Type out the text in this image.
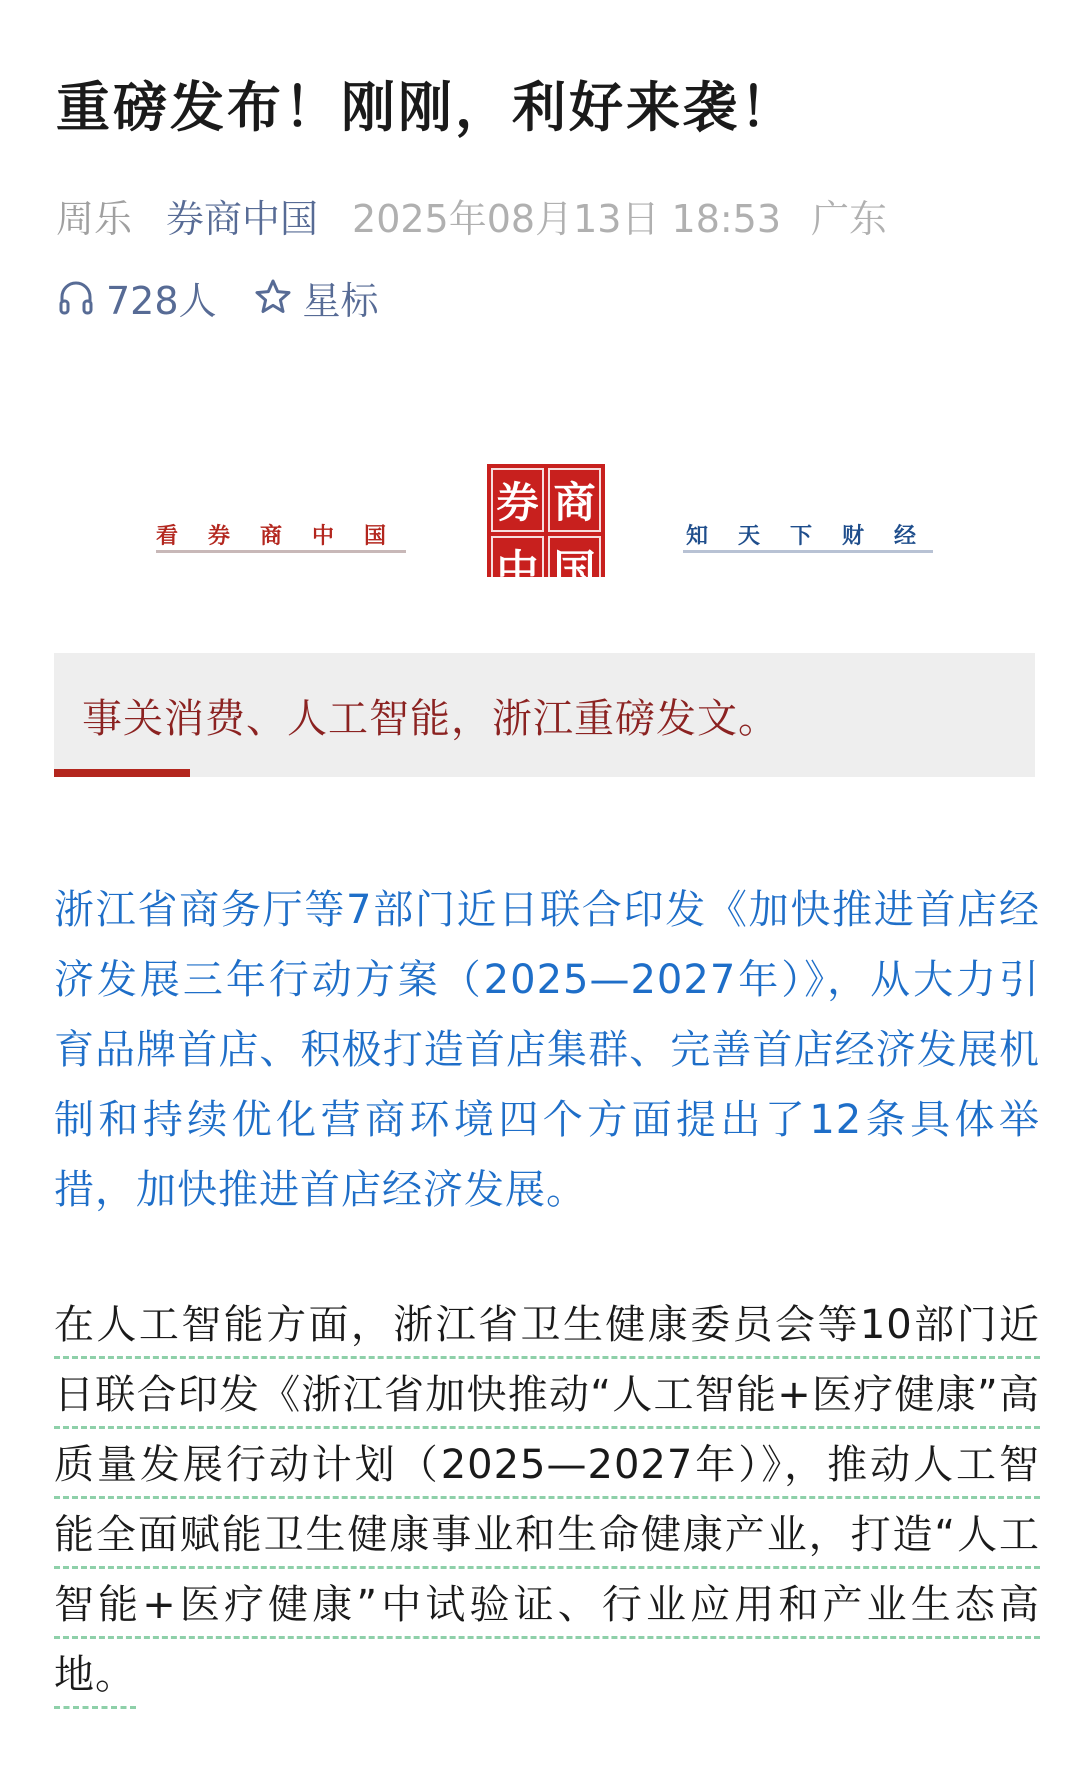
重磅发布！刚刚，利好来袭！
周乐 券商中国 2025年08月13日 18:53 广东
728人 星标
看券商中国
券 商
中 国
知天下财经
事关消费、人工智能，浙江重磅发文。

浙江省商务厅等7部门近日联合印发《加快推进首店经济发展三年行动方案（2025—2027年）》，从大力引育品牌首店、积极打造首店集群、完善首店经济发展机制和持续优化营商环境四个方面提出了12条具体举措，加快推进首店经济发展。

在人工智能方面，浙江省卫生健康委员会等10部门近日联合印发《浙江省加快推动“人工智能+医疗健康”高质量发展行动计划（2025—2027年）》，推动人工智能全面赋能卫生健康事业和生命健康产业，打造“人工智能+医疗健康”中试验证、行业应用和产业生态高地。
